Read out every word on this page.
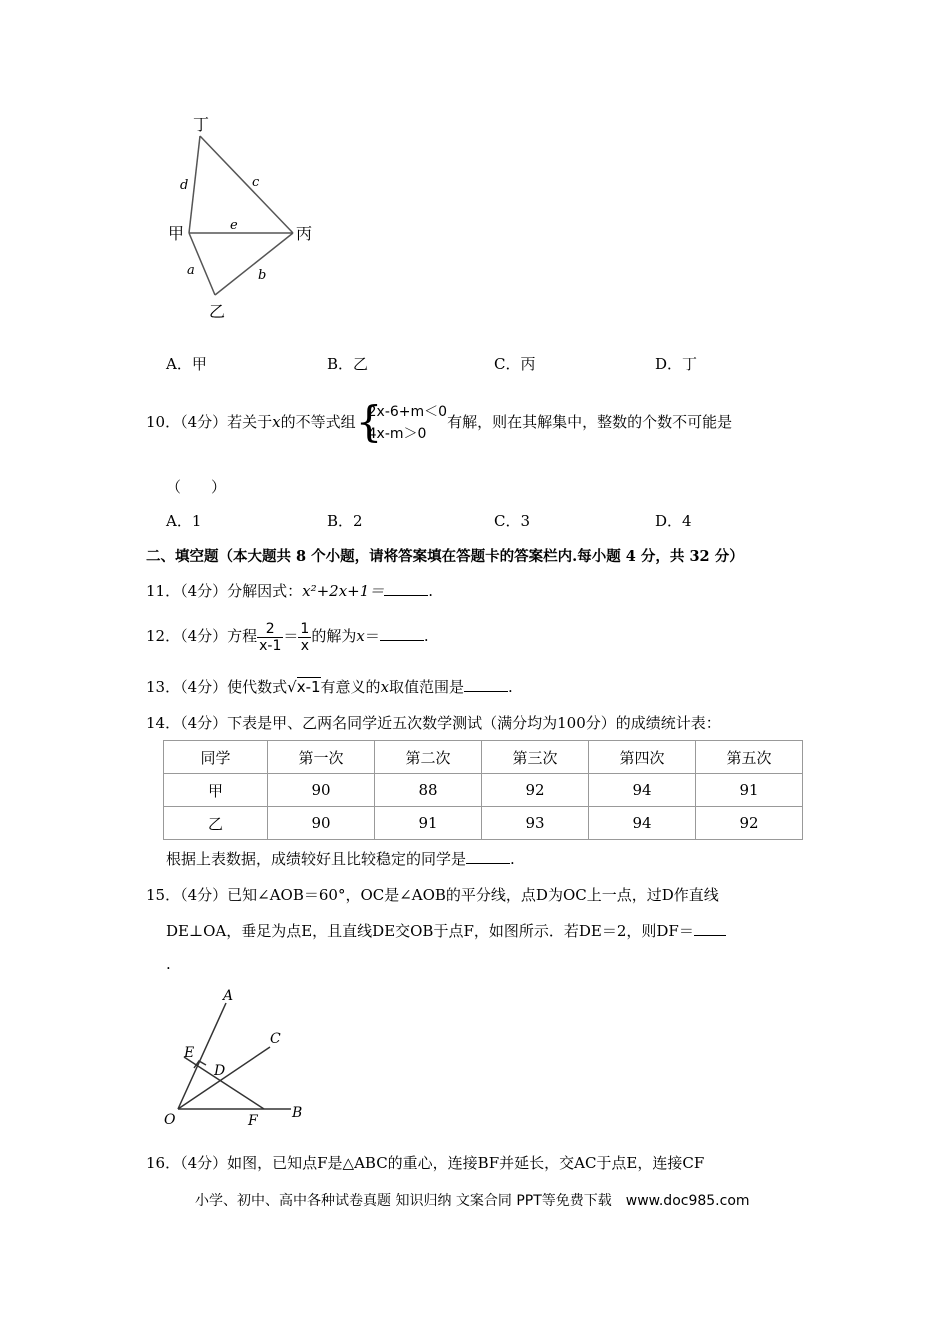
丁
甲	丙
乙
d	c
e
a	b
A．甲	B．乙	C．丙	D．丁
10．（4分）若关于x的不等式组 {
2x-6+m＜0
4x-m＞0
有解，则在其解集中，整数的个数不可能是
（　　）
A．1	B．2	C．3	D．4
二、填空题（本大题共 8 个小题，请将答案填在答题卡的答案栏内.每小题 4 分，共 32 分）
11．（4分）分解因式：x²+2x+1＝	.
12．（4分）方程 $\frac{2}{x-1} = \frac{1}{x}$ 的解为x＝	.
13．（4分）使代数式√x-1有意义的x取值范围是	.
14．（4分）下表是甲、乙两名同学近五次数学测试（满分均为100分）的成绩统计表：
同学	第一次	第二次	第三次	第四次	第五次
甲	90	88	92	94	91
乙	90	91	93	94	92
根据上表数据，成绩较好且比较稳定的同学是	.
15．（4分）已知∠AOB＝60°，OC是∠AOB的平分线，点D为OC上一点，过D作直线
DE⊥OA，垂足为点E，且直线DE交OB于点F，如图所示．若DE＝2，则DF＝
.
A
C
E
D
O	F B
16．（4分）如图，已知点F是△ABC的重心，连接BF并延长，交AC于点E，连接CF
小学、初中、高中各种试卷真题 知识归纳 文案合同 PPT等免费下载　www.doc985.com
